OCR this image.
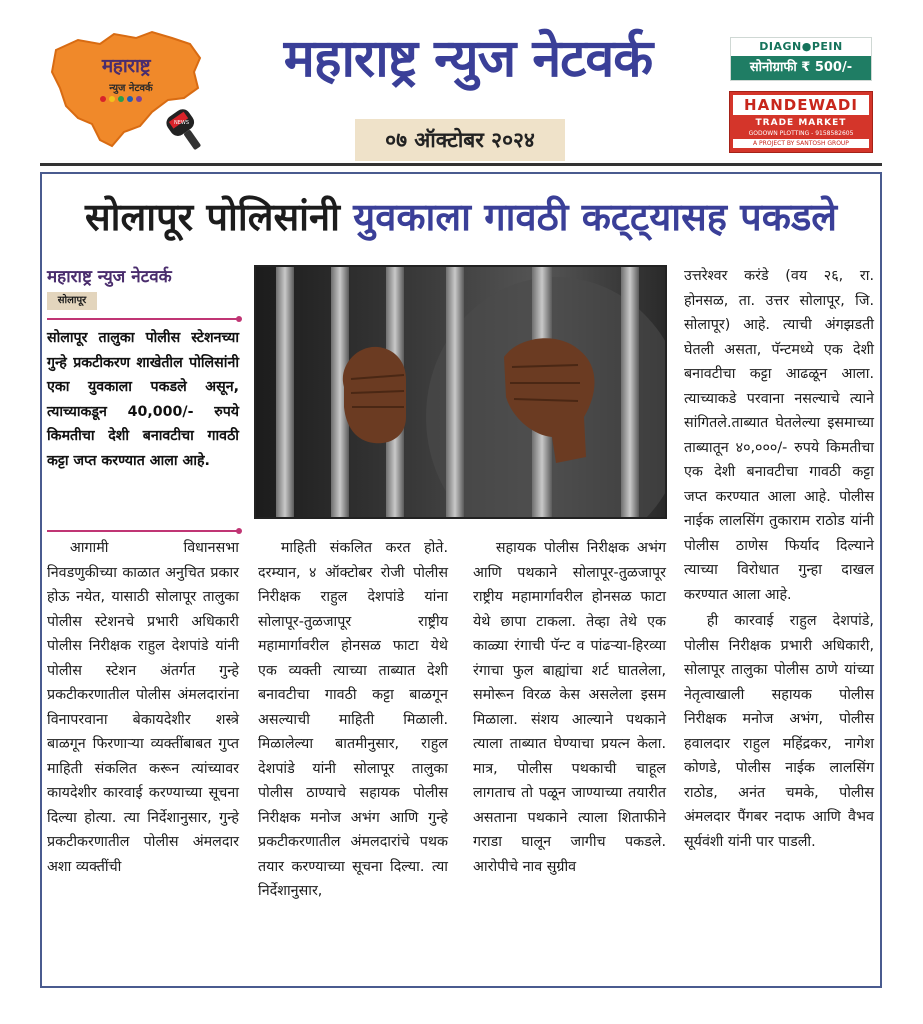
NEWS
महाराष्ट्र
न्युज नेटवर्क	महाराष्ट्र न्युज नेटवर्क
०७ ऑक्टोबर २०२४
DIAGN●PEIN
सोनोग्राफी ₹ 500/-
HANDEWADI
TRADE MARKET
GODOWN PLOTTING - 9158582605
A PROJECT BY SANTOSH GROUP
सोलापूर पोलिसांनी युवकाला गावठी कट्ट्यासह पकडले
महाराष्ट्र न्युज नेटवर्क
सोलापूर
सोलापूर तालुका पोलीस स्टेशनच्या गुन्हे प्रकटीकरण शाखेतील पोलिसांनी एका युवकाला पकडले असून, त्याच्याकडून 40,000/- रुपये किमतीचा देशी बनावटीचा गावठी कट्टा जप्त करण्यात आला आहे.

आगामी विधानसभा निवडणुकीच्या काळात अनुचित प्रकार होऊ नयेत, यासाठी सोलापूर तालुका पोलीस स्टेशनचे प्रभारी अधिकारी पोलीस निरीक्षक राहुल देशपांडे यांनी पोलीस स्टेशन अंतर्गत गुन्हे प्रकटीकरणातील पोलीस अंमलदारांना विनापरवाना बेकायदेशीर शस्त्रे बाळगून फिरणाऱ्या व्यक्तींबाबत गुप्त माहिती संकलित करून त्यांच्यावर कायदेशीर कारवाई करण्याच्या सूचना दिल्या होत्या. त्या निर्देशानुसार, गुन्हे प्रकटीकरणातील पोलीस अंमलदार अशा व्यक्तींची

माहिती संकलित करत होते. दरम्यान, ४ ऑक्टोबर रोजी पोलीस निरीक्षक राहुल देशपांडे यांना सोलापूर-तुळजापूर राष्ट्रीय महामार्गावरील होनसळ फाटा येथे एक व्यक्ती त्याच्या ताब्यात देशी बनावटीचा गावठी कट्टा बाळगून असल्याची माहिती मिळाली. मिळालेल्या बातमीनुसार, राहुल देशपांडे यांनी सोलापूर तालुका पोलीस ठाण्याचे सहायक पोलीस निरीक्षक मनोज अभंग आणि गुन्हे प्रकटीकरणातील अंमलदारांचे पथक तयार करण्याच्या सूचना दिल्या. त्या निर्देशानुसार,

सहायक पोलीस निरीक्षक अभंग आणि पथकाने सोलापूर-तुळजापूर राष्ट्रीय महामार्गावरील होनसळ फाटा येथे छापा टाकला. तेव्हा तेथे एक काळ्या रंगाची पॅन्ट व पांढऱ्या-हिरव्या रंगाचा फुल बाह्यांचा शर्ट घातलेला, समोरून विरळ केस असलेला इसम मिळाला. संशय आल्याने पथकाने त्याला ताब्यात घेण्याचा प्रयत्न केला. मात्र, पोलीस पथकाची चाहूल लागताच तो पळून जाण्याच्या तयारीत असताना पथकाने त्याला शिताफीने गराडा घालून जागीच पकडले. आरोपीचे नाव सुग्रीव

उत्तरेश्वर करंडे (वय २६, रा. होनसळ, ता. उत्तर सोलापूर, जि. सोलापूर) आहे. त्याची अंगझडती घेतली असता, पॅन्टमध्ये एक देशी बनावटीचा कट्टा आढळून आला. त्याच्याकडे परवाना नसल्याचे त्याने सांगितले.ताब्यात घेतलेल्या इसमाच्या ताब्यातून ४०,०००/- रुपये किमतीचा एक देशी बनावटीचा गावठी कट्टा जप्त करण्यात आला आहे. पोलीस नाईक लालसिंग तुकाराम राठोड यांनी पोलीस ठाणेस फिर्याद दिल्याने त्याच्या विरोधात गुन्हा दाखल करण्यात आला आहे.

ही कारवाई राहुल देशपांडे, पोलीस निरीक्षक प्रभारी अधिकारी, सोलापूर तालुका पोलीस ठाणे यांच्या नेतृत्वाखाली सहायक पोलीस निरीक्षक मनोज अभंग, पोलीस हवालदार राहुल महिंद्रकर, नागेश कोणडे, पोलीस नाईक लालसिंग राठोड, अनंत चमके, पोलीस अंमलदार पैंगबर नदाफ आणि वैभव सूर्यवंशी यांनी पार पाडली.
